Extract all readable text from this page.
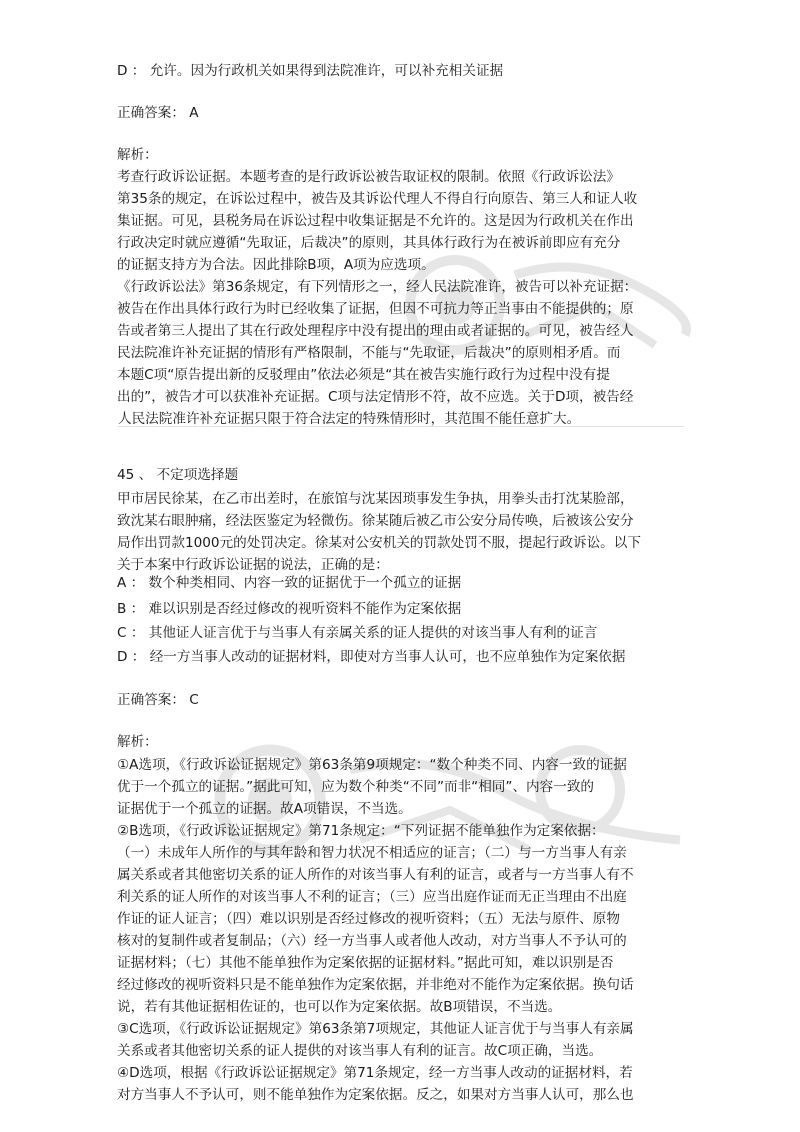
D ： 允许。因为行政机关如果得到法院准许，可以补充相关证据
正确答案： A
解析：
考查行政诉讼证据。本题考查的是行政诉讼被告取证权的限制。依照《行政诉讼法》
第35条的规定，在诉讼过程中，被告及其诉讼代理人不得自行向原告、第三人和证人收
集证据。可见，县税务局在诉讼过程中收集证据是不允许的。这是因为行政机关在作出
行政决定时就应遵循“先取证，后裁决”的原则，其具体行政行为在被诉前即应有充分
的证据支持方为合法。因此排除B项，A项为应选项。
《行政诉讼法》第36条规定，有下列情形之一，经人民法院准许，被告可以补充证据：
被告在作出具体行政行为时已经收集了证据，但因不可抗力等正当事由不能提供的；原
告或者第三人提出了其在行政处理程序中没有提出的理由或者证据的。可见，被告经人
民法院准许补充证据的情形有严格限制，不能与“先取证，后裁决”的原则相矛盾。而
本题C项“原告提出新的反驳理由”依法必须是“其在被告实施行政行为过程中没有提
出的”，被告才可以获准补充证据。C项与法定情形不符，故不应选。关于D项，被告经
人民法院准许补充证据只限于符合法定的特殊情形时，其范围不能任意扩大。
45 、 不定项选择题
甲市居民徐某，在乙市出差时，在旅馆与沈某因琐事发生争执，用拳头击打沈某脸部，
致沈某右眼肿痛，经法医鉴定为轻微伤。徐某随后被乙市公安分局传唤，后被该公安分
局作出罚款1000元的处罚决定。徐某对公安机关的罚款处罚不服，提起行政诉讼。以下
关于本案中行政诉讼证据的说法，正确的是：
A ： 数个种类相同、内容一致的证据优于一个孤立的证据
B ： 难以识别是否经过修改的视听资料不能作为定案依据
C ： 其他证人证言优于与当事人有亲属关系的证人提供的对该当事人有利的证言
D ： 经一方当事人改动的证据材料，即使对方当事人认可，也不应单独作为定案依据
正确答案： C
解析：
①A选项，《行政诉讼证据规定》第63条第9项规定：“数个种类不同、内容一致的证据
优于一个孤立的证据。”据此可知，应为数个种类“不同”而非“相同”、内容一致的
证据优于一个孤立的证据。故A项错误，不当选。
②B选项，《行政诉讼证据规定》第71条规定：“下列证据不能单独作为定案依据：
（一）未成年人所作的与其年龄和智力状况不相适应的证言；（二）与一方当事人有亲
属关系或者其他密切关系的证人所作的对该当事人有利的证言，或者与一方当事人有不
利关系的证人所作的对该当事人不利的证言；（三）应当出庭作证而无正当理由不出庭
作证的证人证言；（四）难以识别是否经过修改的视听资料；（五）无法与原件、原物
核对的复制件或者复制品；（六）经一方当事人或者他人改动，对方当事人不予认可的
证据材料；（七）其他不能单独作为定案依据的证据材料。”据此可知，难以识别是否
经过修改的视听资料只是不能单独作为定案依据，并非绝对不能作为定案依据。换句话
说，若有其他证据相佐证的，也可以作为定案依据。故B项错误，不当选。
③C选项，《行政诉讼证据规定》第63条第7项规定，其他证人证言优于与当事人有亲属
关系或者其他密切关系的证人提供的对该当事人有利的证言。故C项正确，当选。
④D选项，根据《行政诉讼证据规定》第71条规定，经一方当事人改动的证据材料，若
对方当事人不予认可，则不能单独作为定案依据。反之，如果对方当事人认可，那么也
